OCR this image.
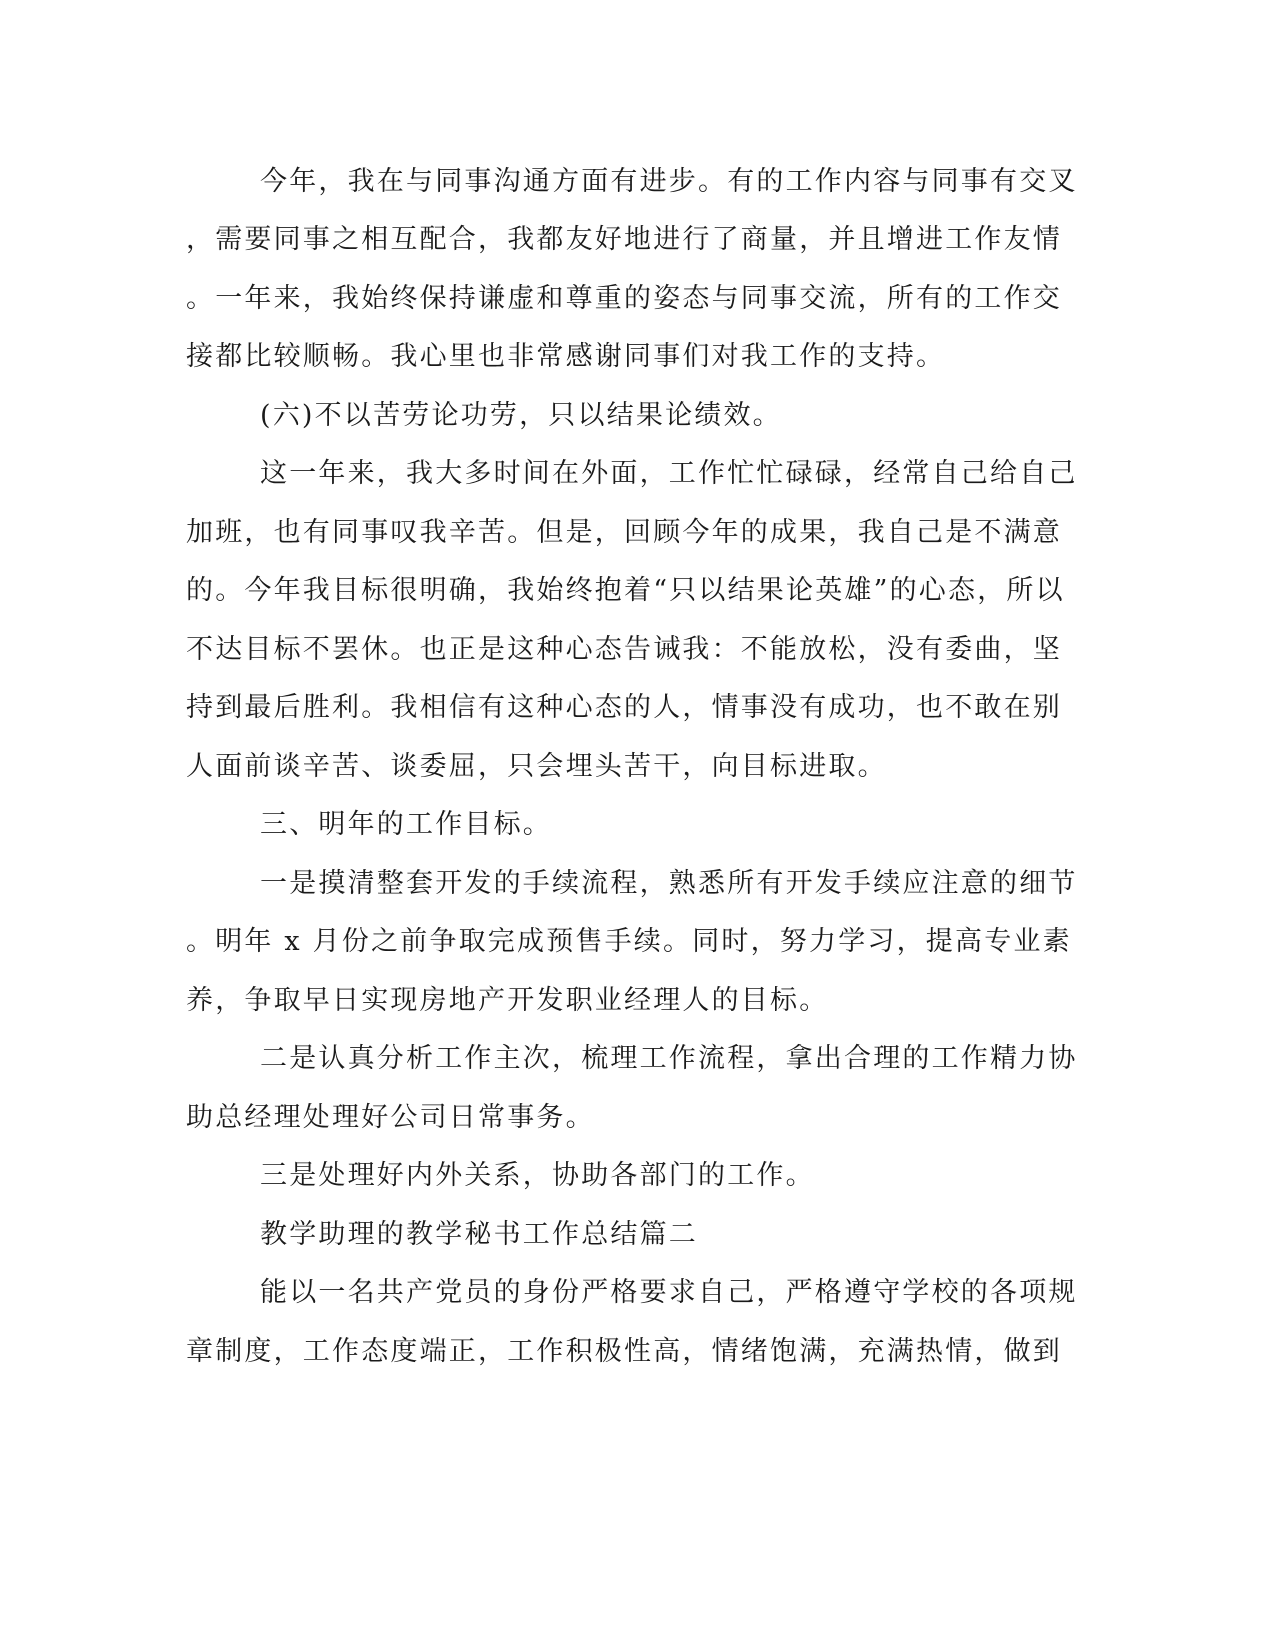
今年，我在与同事沟通方面有进步。有的工作内容与同事有交叉

，需要同事之相互配合，我都友好地进行了商量，并且增进工作友情

。一年来，我始终保持谦虚和尊重的姿态与同事交流，所有的工作交

接都比较顺畅。我心里也非常感谢同事们对我工作的支持。

(六)不以苦劳论功劳，只以结果论绩效。

这一年来，我大多时间在外面，工作忙忙碌碌，经常自己给自己

加班，也有同事叹我辛苦。但是，回顾今年的成果，我自己是不满意

的。今年我目标很明确，我始终抱着“只以结果论英雄”的心态，所以

不达目标不罢休。也正是这种心态告诫我：不能放松，没有委曲，坚

持到最后胜利。我相信有这种心态的人，情事没有成功，也不敢在别

人面前谈辛苦、谈委屈，只会埋头苦干，向目标进取。

三、明年的工作目标。

一是摸清整套开发的手续流程，熟悉所有开发手续应注意的细节

。明年 x 月份之前争取完成预售手续。同时，努力学习，提高专业素

养，争取早日实现房地产开发职业经理人的目标。

二是认真分析工作主次，梳理工作流程，拿出合理的工作精力协

助总经理处理好公司日常事务。

三是处理好内外关系，协助各部门的工作。

教学助理的教学秘书工作总结篇二

能以一名共产党员的身份严格要求自己，严格遵守学校的各项规

章制度，工作态度端正，工作积极性高，情绪饱满，充满热情，做到
